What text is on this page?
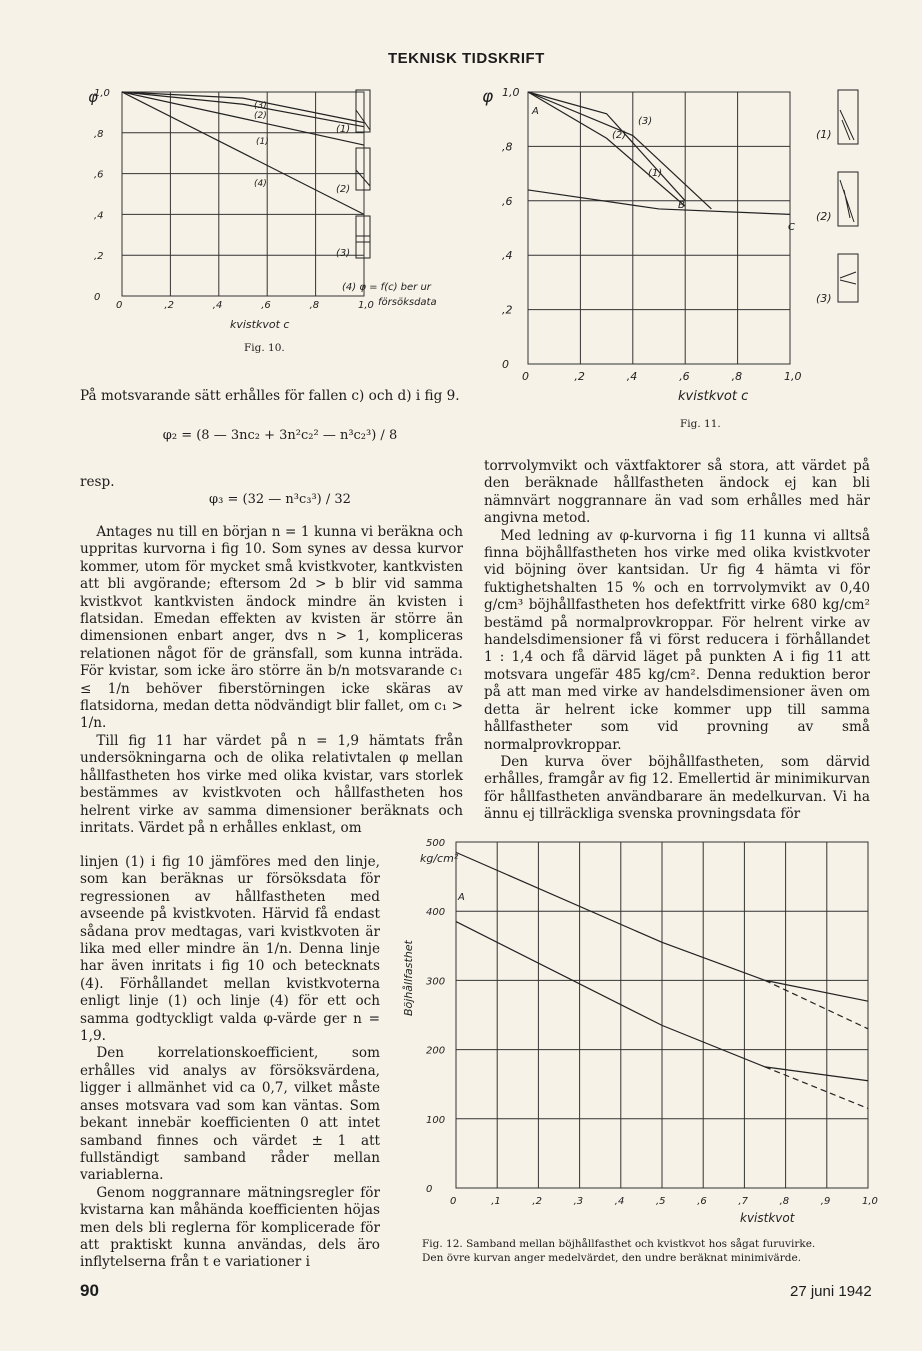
TEKNISK TIDSKRIFT
φ
1,0
,8
,6
,4
,2
0
0	,2	,4	,6	,8	1,0
kvistkvot c
(3)
(2)
(1)
(4)
(1)
(2)
(3)
(4) φ = f(c) ber ur
försöksdata
Fig. 10.
φ 1,0
,8
,6
,4
,2
0
0	,2	,4	,6	,8	1,0
kvistkvot c
(3)
(2)
(1)
A
B
C
(1)
(2)
(3)
Fig. 11.

På motsvarande sätt erhålles för fallen c) och d) i fig 9.

φ₂ = (8 — 3nc₂ + 3n²c₂² — n³c₂³) / 8
resp.
φ₃ = (32 — n³c₃³) / 32

Antages nu till en början n = 1 kunna vi beräkna och uppritas kurvorna i fig 10. Som synes av dessa kurvor kommer, utom för mycket små kvistkvoter, kantkvisten att bli avgörande; eftersom 2d > b blir vid samma kvistkvot kantkvisten ändock mindre än kvisten i flatsidan. Emedan effekten av kvisten är större än dimensionen enbart anger, dvs n > 1, kompliceras relationen något för de gränsfall, som kunna inträda. För kvistar, som icke äro större än b/n motsvarande c₁ ≤ 1/n behöver fiberstörningen icke skäras av flatsidorna, medan detta nödvändigt blir fallet, om c₁ > 1/n.

Till fig 11 har värdet på n = 1,9 hämtats från undersökningarna och de olika relativtalen φ mellan hållfastheten hos virke med olika kvistar, vars storlek bestämmes av kvistkvoten och hållfastheten hos helrent virke av samma dimensioner beräknats och inritats. Värdet på n erhålles enklast, om

linjen (1) i fig 10 jämföres med den linje, som kan beräknas ur försöksdata för regressionen av hållfastheten med avseende på kvistkvoten. Härvid få endast sådana prov medtagas, vari kvistkvoten är lika med eller mindre än 1/n. Denna linje har även inritats i fig 10 och betecknats (4). Förhållandet mellan kvistkvoterna enligt linje (1) och linje (4) för ett och samma godtyckligt valda φ-värde ger n = 1,9.

Den korrelationskoefficient, som erhålles vid analys av försöksvärdena, ligger i allmänhet vid ca 0,7, vilket måste anses motsvara vad som kan väntas. Som bekant innebär koefficienten 0 att intet samband finnes och värdet ± 1 att fullständigt samband råder mellan variablerna.

Genom noggrannare mätningsregler för kvistarna kan måhända koefficienten höjas men dels bli reglerna för komplicerade för att praktiskt kunna användas, dels äro inflytelserna från t e variationer i

torrvolymvikt och växtfaktorer så stora, att värdet på den beräknade hållfastheten ändock ej kan bli nämnvärt noggrannare än vad som erhålles med här angivna metod.

Med ledning av φ-kurvorna i fig 11 kunna vi alltså finna böjhållfastheten hos virke med olika kvistkvoter vid böjning över kantsidan. Ur fig 4 hämta vi för fuktighetshalten 15 % och en torrvolymvikt av 0,40 g/cm³ böjhållfastheten hos defektfritt virke 680 kg/cm² bestämd på normalprovkroppar. För helrent virke av handelsdimensioner få vi först reducera i förhållandet 1 : 1,4 och få därvid läget på punkten A i fig 11 att motsvara ungefär 485 kg/cm². Denna reduktion beror på att man med virke av handelsdimensioner även om detta är helrent icke kommer upp till samma hållfastheter som vid provning av små normalprovkroppar.

Den kurva över böjhållfastheten, som därvid erhålles, framgår av fig 12. Emellertid är minimikurvan för hållfastheten användbarare än medelkurvan. Vi ha ännu ej tillräckliga svenska provningsdata för

kg/cm²
Böjhållfasthet
500
400
300
200
100
0
0	,1	,2	,3	,4	,5	,6	,7	,8	,9	1,0
kvistkvot
A
Fig. 12. Samband mellan böjhållfasthet och kvistkvot hos sågat furuvirke.
Den övre kurvan anger medelvärdet, den undre beräknat minimivärde.
90	27 juni 1942
